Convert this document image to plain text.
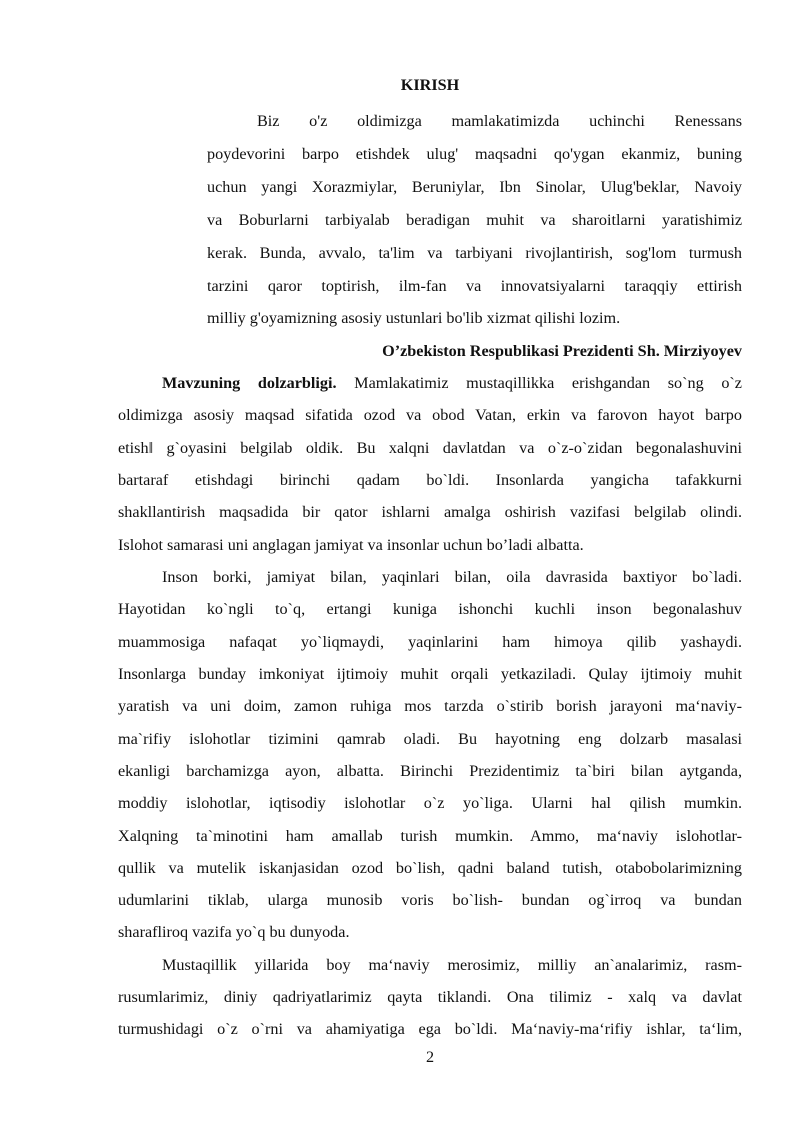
KIRISH
Biz o'z oldimizga mamlakatimizda uchinchi Renessans
poydevorini barpo etishdek ulug' maqsadni qo'ygan ekanmiz, buning
uchun yangi Xorazmiylar, Beruniylar, Ibn Sinolar, Ulug'beklar, Navoiy
va Boburlarni tarbiyalab beradigan muhit va sharoitlarni yaratishimiz
kerak. Bunda, avvalo, ta'lim va tarbiyani rivojlantirish, sog'lom turmush
tarzini qaror toptirish, ilm-fan va innovatsiyalarni taraqqiy ettirish
milliy g'oyamizning asosiy ustunlari bo'lib xizmat qilishi lozim.
O’zbekiston Respublikasi Prezidenti Sh. Mirziyoyev
Mavzuning dolzarbligi. Mamlakatimiz mustaqillikka erishgandan so`ng o`z
oldimizga asosiy maqsad sifatida ozod va obod Vatan, erkin va farovon hayot barpo
etish‖ g`oyasini belgilab oldik. Bu xalqni davlatdan va o`z-o`zidan begonalashuvini
bartaraf etishdagi birinchi qadam bo`ldi. Insonlarda yangicha tafakkurni
shakllantirish maqsadida bir qator ishlarni amalga oshirish vazifasi belgilab olindi.
Islohot samarasi uni anglagan jamiyat va insonlar uchun bo’ladi albatta.
Inson borki, jamiyat bilan, yaqinlari bilan, oila davrasida baxtiyor bo`ladi.
Hayotidan ko`ngli to`q, ertangi kuniga ishonchi kuchli inson begonalashuv
muammosiga nafaqat yo`liqmaydi, yaqinlarini ham himoya qilib yashaydi.
Insonlarga bunday imkoniyat ijtimoiy muhit orqali yetkaziladi. Qulay ijtimoiy muhit
yaratish va uni doim, zamon ruhiga mos tarzda o`stirib borish jarayoni ma‘naviy-
ma`rifiy islohotlar tizimini qamrab oladi. Bu hayotning eng dolzarb masalasi
ekanligi barchamizga ayon, albatta. Birinchi Prezidentimiz ta`biri bilan aytganda,
moddiy islohotlar, iqtisodiy islohotlar o`z yo`liga. Ularni hal qilish mumkin.
Xalqning ta`minotini ham amallab turish mumkin. Ammo, ma‘naviy islohotlar-
qullik va mutelik iskanjasidan ozod bo`lish, qadni baland tutish, otabobolarimizning
udumlarini tiklab, ularga munosib voris bo`lish- bundan og`irroq va bundan
sharafliroq vazifa yo`q bu dunyoda.
Mustaqillik yillarida boy ma‘naviy merosimiz, milliy an`analarimiz, rasm-
rusumlarimiz, diniy qadriyatlarimiz qayta tiklandi. Ona tilimiz - xalq va davlat
turmushidagi o`z o`rni va ahamiyatiga ega bo`ldi. Ma‘naviy-ma‘rifiy ishlar, ta‘lim,
2
